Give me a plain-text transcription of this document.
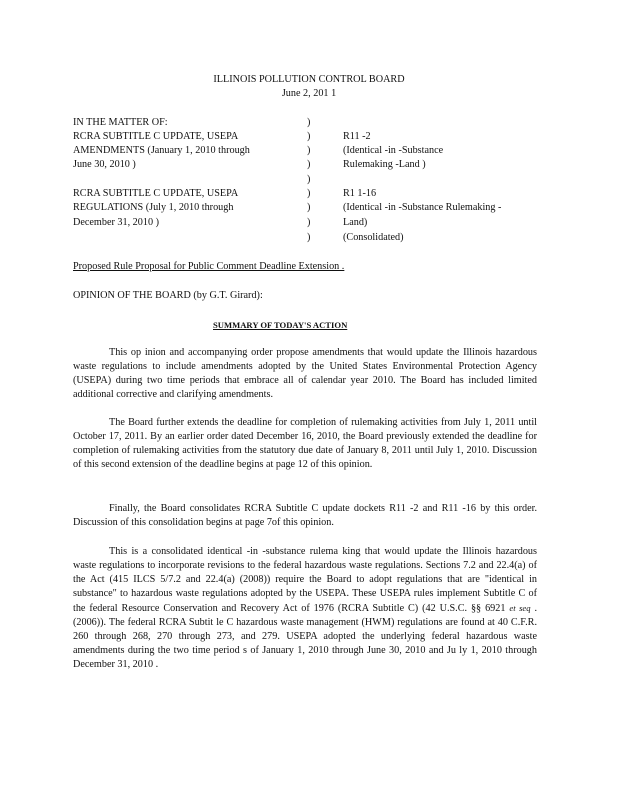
ILLINOIS POLLUTION CONTROL BOARD
June 2, 201 1
IN THE MATTER OF:
RCRA SUBTITLE C UPDATE, USEPA
AMENDMENTS (January 1, 2010 through
June 30, 2010 )
RCRA SUBTITLE C UPDATE, USEPA
REGULATIONS (July 1, 2010 through
December 31, 2010 )
)
)
)
)
)
)
)
)
)
R11 -2
(Identical -in -Substance
Rulemaking -Land )
R1 1-16
(Identical -in -Substance Rulemaking -
Land)
(Consolidated)
Proposed Rule Proposal for Public Comment Deadline Extension .
OPINION OF THE BOARD (by G.T. Girard):
SUMMARY OF TODAY'S ACTION

This op inion and accompanying order propose amendments that would update the Illinois hazardous waste regulations to include amendments adopted by the United States Environmental Protection Agency (USEPA) during two time periods that embrace all of calendar year 2010. The Board has included limited additional corrective and clarifying amendments.

The Board further extends the deadline for completion of rulemaking activities from July 1, 2011 until October 17, 2011. By an earlier order dated December 16, 2010, the Board previously extended the deadline for completion of rulemaking activities from the statutory due date of January 8, 2011 until July 1, 2010. Discussion of this second extension of the deadline begins at page 12 of this opinion.

Finally, the Board consolidates RCRA Subtitle C update dockets R11 -2 and R11 -16 by this order. Discussion of this consolidation begins at page 7of this opinion.

This is a consolidated identical -in -substance rulema king that would update the Illinois hazardous waste regulations to incorporate revisions to the federal hazardous waste regulations. Sections 7.2 and 22.4(a) of the Act (415 ILCS 5/7.2 and 22.4(a) (2008)) require the Board to adopt regulations that are "identical in substance" to hazardous waste regulations adopted by the USEPA. These USEPA rules implement Subtitle C of the federal Resource Conservation and Recovery Act of 1976 (RCRA Subtitle C) (42 U.S.C. §§ 6921 et seq . (2006)). The federal RCRA Subtit le C hazardous waste management (HWM) regulations are found at 40 C.F.R. 260 through 268, 270 through 273, and 279. USEPA adopted the underlying federal hazardous waste amendments during the two time period s of January 1, 2010 through June 30, 2010 and Ju ly 1, 2010 through December 31, 2010 .
